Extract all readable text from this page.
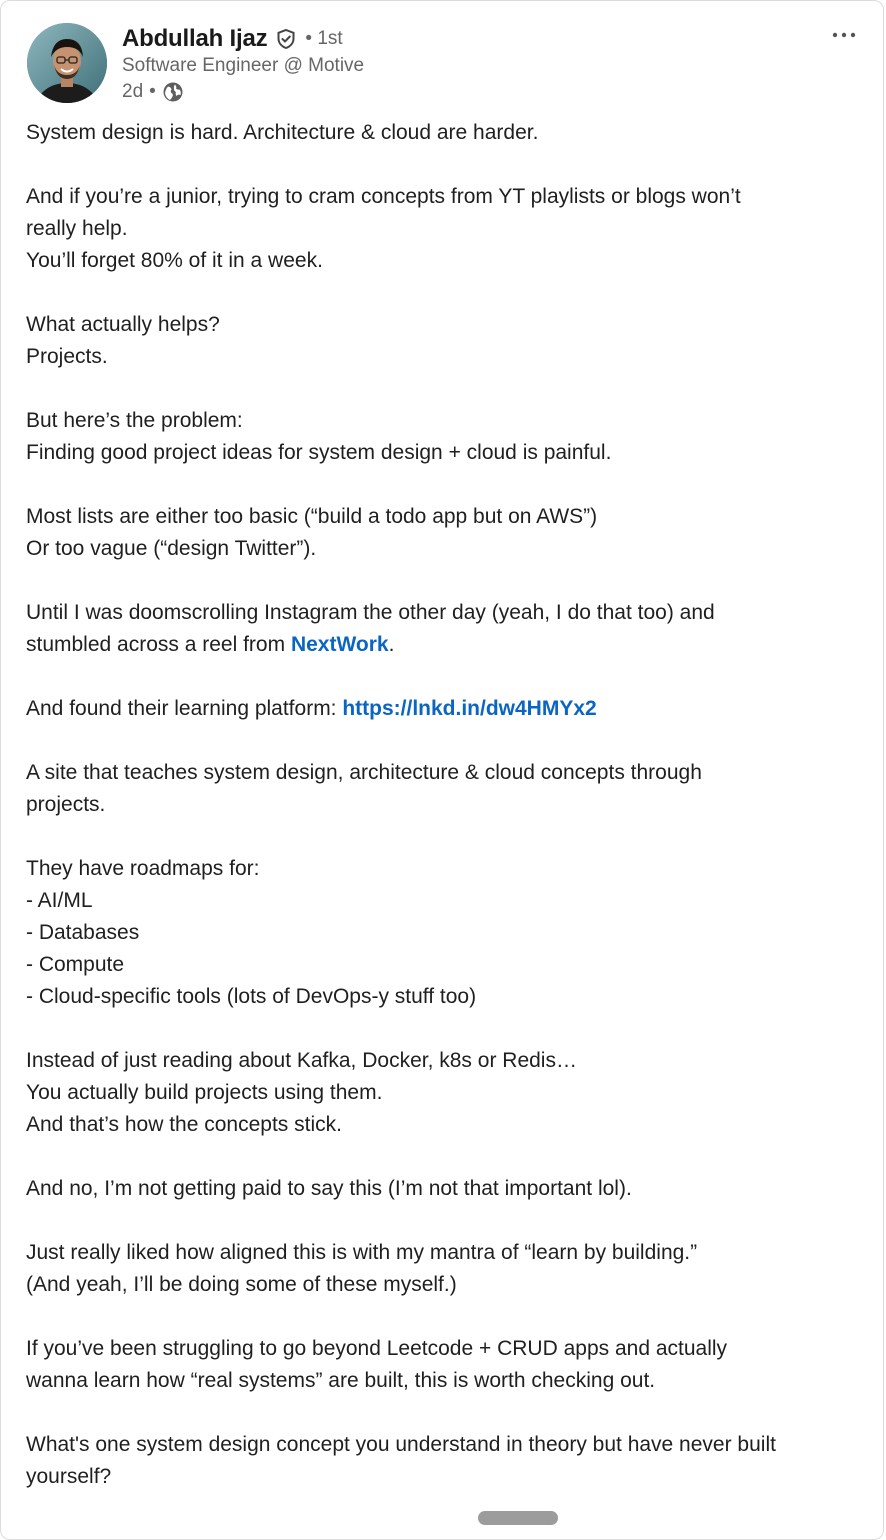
Abdullah Ijaz • 1st
Software Engineer @ Motive
2d •

System design is hard. Architecture & cloud are harder.

And if you’re a junior, trying to cram concepts from YT playlists or blogs won’t
really help.
You’ll forget 80% of it in a week.

What actually helps?
Projects.

But here’s the problem:
Finding good project ideas for system design + cloud is painful.

Most lists are either too basic (“build a todo app but on AWS”)
Or too vague (“design Twitter”).

Until I was doomscrolling Instagram the other day (yeah, I do that too) and
stumbled across a reel from NextWork.

And found their learning platform: https://lnkd.in/dw4HMYx2

A site that teaches system design, architecture & cloud concepts through
projects.

They have roadmaps for:
- AI/ML
- Databases
- Compute
- Cloud-specific tools (lots of DevOps-y stuff too)

Instead of just reading about Kafka, Docker, k8s or Redis…
You actually build projects using them.
And that’s how the concepts stick.

And no, I’m not getting paid to say this (I’m not that important lol).

Just really liked how aligned this is with my mantra of “learn by building.”
(And yeah, I’ll be doing some of these myself.)

If you’ve been struggling to go beyond Leetcode + CRUD apps and actually
wanna learn how “real systems” are built, this is worth checking out.

What's one system design concept you understand in theory but have never built
yourself?
